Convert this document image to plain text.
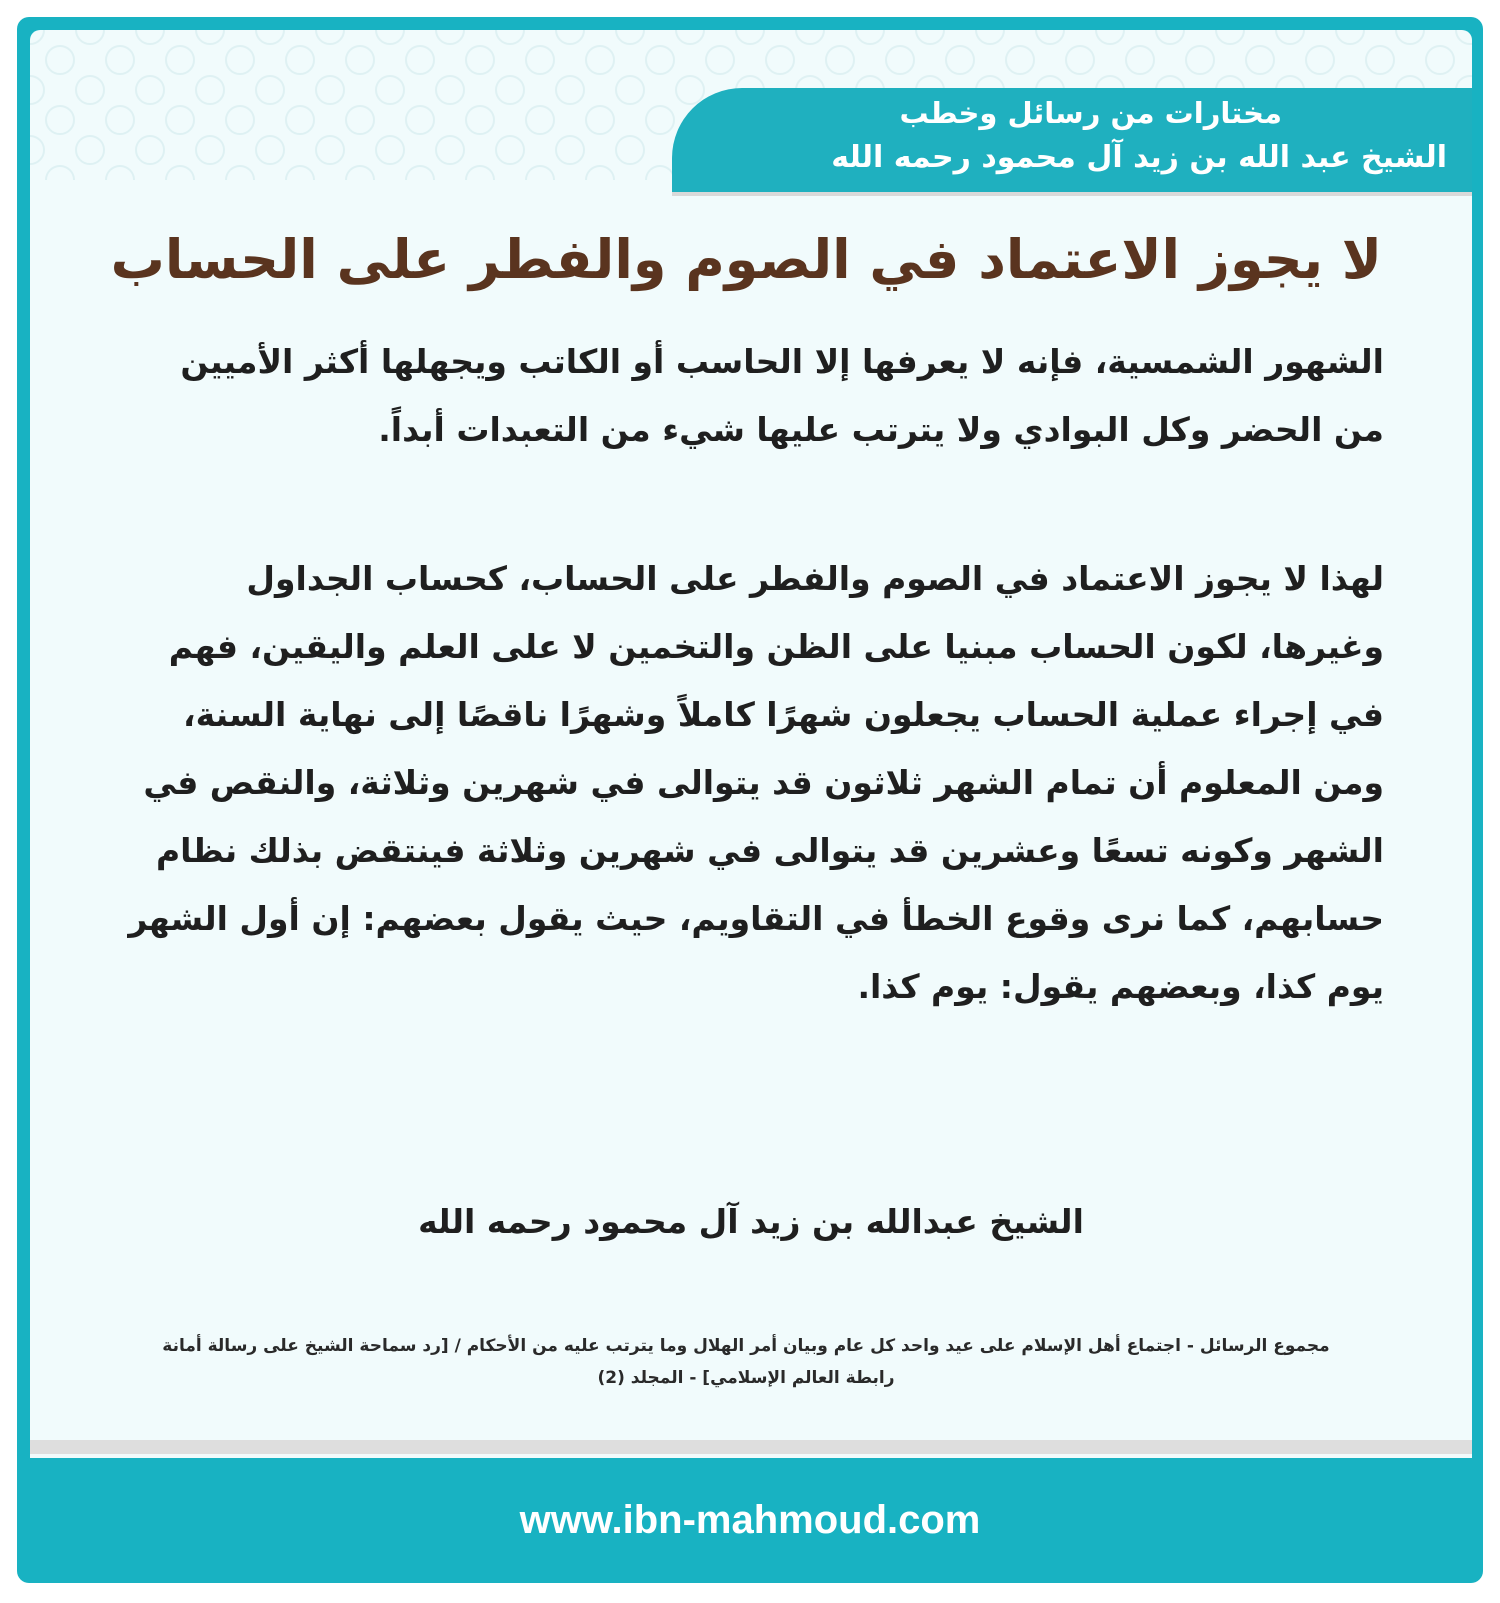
مختارات من رسائل وخطب
الشيخ عبد الله بن زيد آل محمود رحمه الله
لا يجوز الاعتماد في الصوم والفطر على الحساب

الشهور الشمسية، فإنه لا يعرفها إلا الحاسب أو الكاتب ويجهلها أكثر الأميين من الحضر وكل البوادي ولا يترتب عليها شيء من التعبدات أبداً.

لهذا لا يجوز الاعتماد في الصوم والفطر على الحساب، كحساب الجداول وغيرها، لكون الحساب مبنيا على الظن والتخمين لا على العلم واليقين، فهم في إجراء عملية الحساب يجعلون شهرًا كاملاً وشهرًا ناقصًا إلى نهاية السنة، ومن المعلوم أن تمام الشهر ثلاثون قد يتوالى في شهرين وثلاثة، والنقص في الشهر وكونه تسعًا وعشرين قد يتوالى في شهرين وثلاثة فينتقض بذلك نظام حسابهم، كما نرى وقوع الخطأ في التقاويم، حيث يقول بعضهم: إن أول الشهر يوم كذا، وبعضهم يقول: يوم كذا.

الشيخ عبدالله بن زيد آل محمود رحمه الله

مجموع الرسائل - اجتماع أهل الإسلام على عيد واحد كل عام وبيان أمر الهلال وما يترتب عليه من الأحكام / [رد سماحة الشيخ على رسالة أمانة رابطة العالم الإسلامي] - المجلد (2)

www.ibn-mahmoud.com
